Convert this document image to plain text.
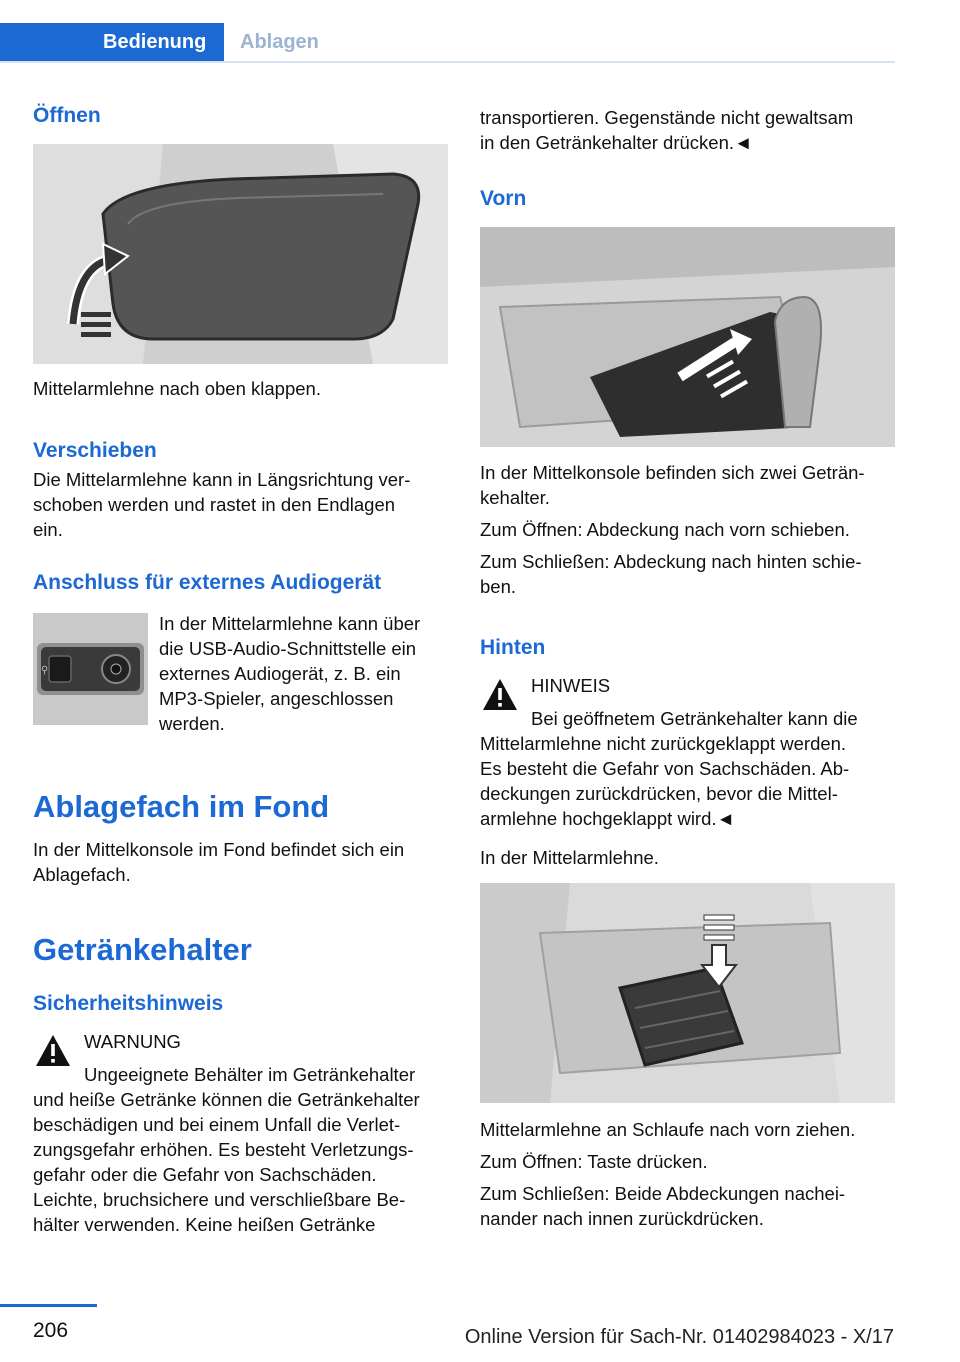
Bedienung	Ablagen
Öffnen
Mittelarmlehne nach oben klappen.
Verschieben
Die Mittelarmlehne kann in Längsrichtung ver‐
schoben werden und rastet in den Endlagen
ein.
Anschluss für externes Audiogerät
⚲
In der Mittelarmlehne kann über
die USB-Audio-Schnittstelle ein
externes Audiogerät, z. B. ein
MP3-Spieler, angeschlossen
werden.
Ablagefach im Fond
In der Mittelkonsole im Fond befindet sich ein
Ablagefach.
Getränkehalter
Sicherheitshinweis
WARNUNG
Ungeeignete Behälter im Getränkehalter
und heiße Getränke können die Getränkehalter
beschädigen und bei einem Unfall die Verlet‐
zungsgefahr erhöhen. Es besteht Verletzungs‐
gefahr oder die Gefahr von Sachschäden.
Leichte, bruchsichere und verschließbare Be‐
hälter verwenden. Keine heißen Getränke
transportieren. Gegenstände nicht gewaltsam
in den Getränkehalter drücken.◄
Vorn
In der Mittelkonsole befinden sich zwei Geträn‐
kehalter.
Zum Öffnen: Abdeckung nach vorn schieben.
Zum Schließen: Abdeckung nach hinten schie‐
ben.
Hinten
HINWEIS
Bei geöffnetem Getränkehalter kann die
Mittelarmlehne nicht zurückgeklappt werden.
Es besteht die Gefahr von Sachschäden. Ab‐
deckungen zurückdrücken, bevor die Mittel‐
armlehne hochgeklappt wird.◄
In der Mittelarmlehne.
Mittelarmlehne an Schlaufe nach vorn ziehen.
Zum Öffnen: Taste drücken.
Zum Schließen: Beide Abdeckungen nachei‐
nander nach innen zurückdrücken.
206	Online Version für Sach-Nr. 01402984023 - X/17
